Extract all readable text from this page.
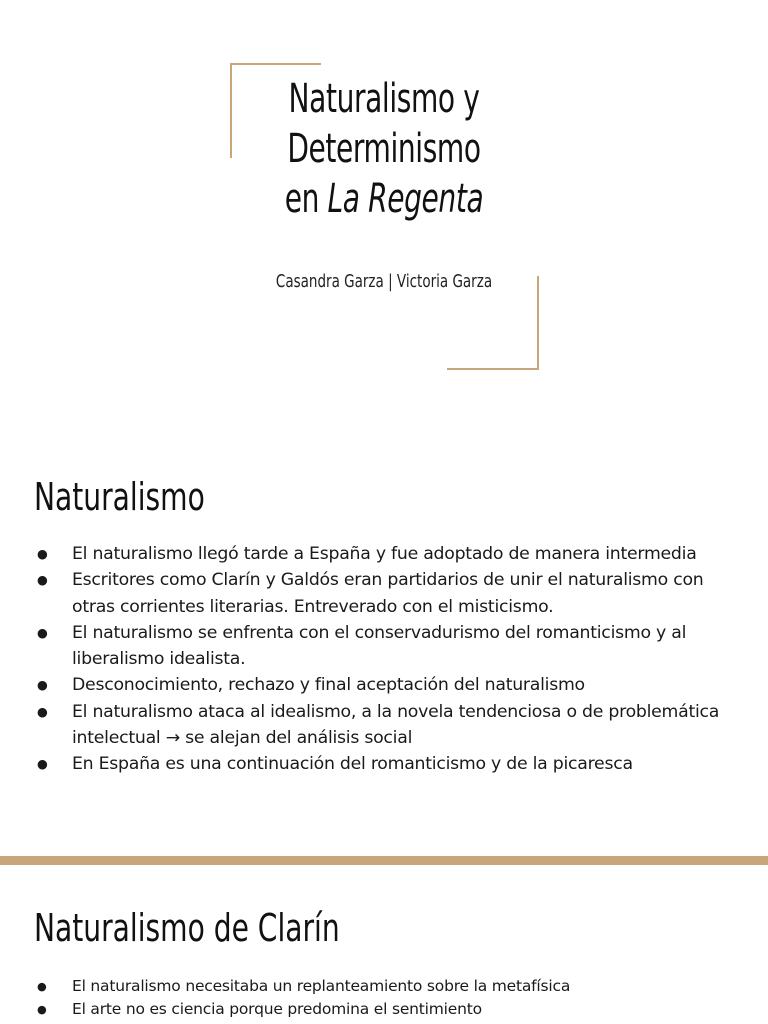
Naturalismo y
Determinismo
en La Regenta
Casandra Garza | Victoria Garza
Naturalismo
● El naturalismo llegó tarde a España y fue adoptado de manera intermedia
● Escritores como Clarín y Galdós eran partidarios de unir el naturalismo con otras corrientes literarias. Entreverado con el misticismo.
● El naturalismo se enfrenta con el conservadurismo del romanticismo y al liberalismo idealista.
● Desconocimiento, rechazo y final aceptación del naturalismo
● El naturalismo ataca al idealismo, a la novela tendenciosa o de problemática intelectual → se alejan del análisis social
● En España es una continuación del romanticismo y de la picaresca
Naturalismo de Clarín
● El naturalismo necesitaba un replanteamiento sobre la metafísica
● El arte no es ciencia porque predomina el sentimiento
